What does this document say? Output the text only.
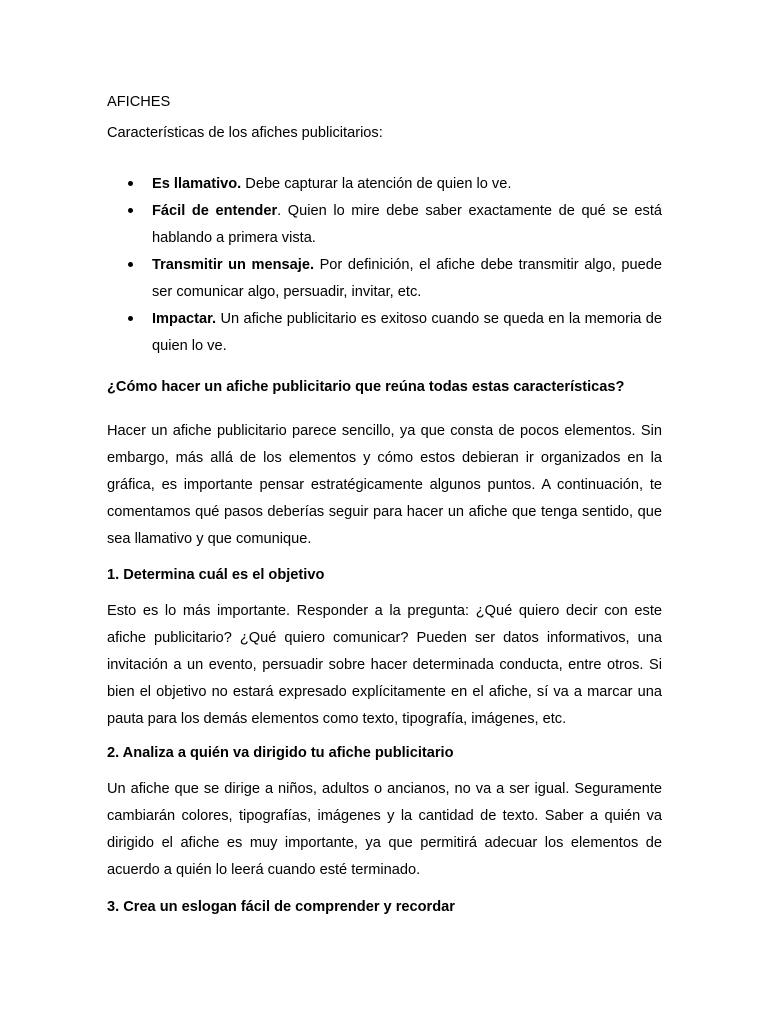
AFICHES

Características de los afiches publicitarios:

Es llamativo. Debe capturar la atención de quien lo ve.
Fácil de entender. Quien lo mire debe saber exactamente de qué se está hablando a primera vista.
Transmitir un mensaje. Por definición, el afiche debe transmitir algo, puede ser comunicar algo, persuadir, invitar, etc.
Impactar. Un afiche publicitario es exitoso cuando se queda en la memoria de quien lo ve.

¿Cómo hacer un afiche publicitario que reúna todas estas características?

Hacer un afiche publicitario parece sencillo, ya que consta de pocos elementos. Sin embargo, más allá de los elementos y cómo estos debieran ir organizados en la gráfica, es importante pensar estratégicamente algunos puntos. A continuación, te comentamos qué pasos deberías seguir para hacer un afiche que tenga sentido, que sea llamativo y que comunique.

1. Determina cuál es el objetivo

Esto es lo más importante. Responder a la pregunta: ¿Qué quiero decir con este afiche publicitario? ¿Qué quiero comunicar? Pueden ser datos informativos, una invitación a un evento, persuadir sobre hacer determinada conducta, entre otros. Si bien el objetivo no estará expresado explícitamente en el afiche, sí va a marcar una pauta para los demás elementos como texto, tipografía, imágenes, etc.

2. Analiza a quién va dirigido tu afiche publicitario

Un afiche que se dirige a niños, adultos o ancianos, no va a ser igual. Seguramente cambiarán colores, tipografías, imágenes y la cantidad de texto. Saber a quién va dirigido el afiche es muy importante, ya que permitirá adecuar los elementos de acuerdo a quién lo leerá cuando esté terminado.

3. Crea un eslogan fácil de comprender y recordar
